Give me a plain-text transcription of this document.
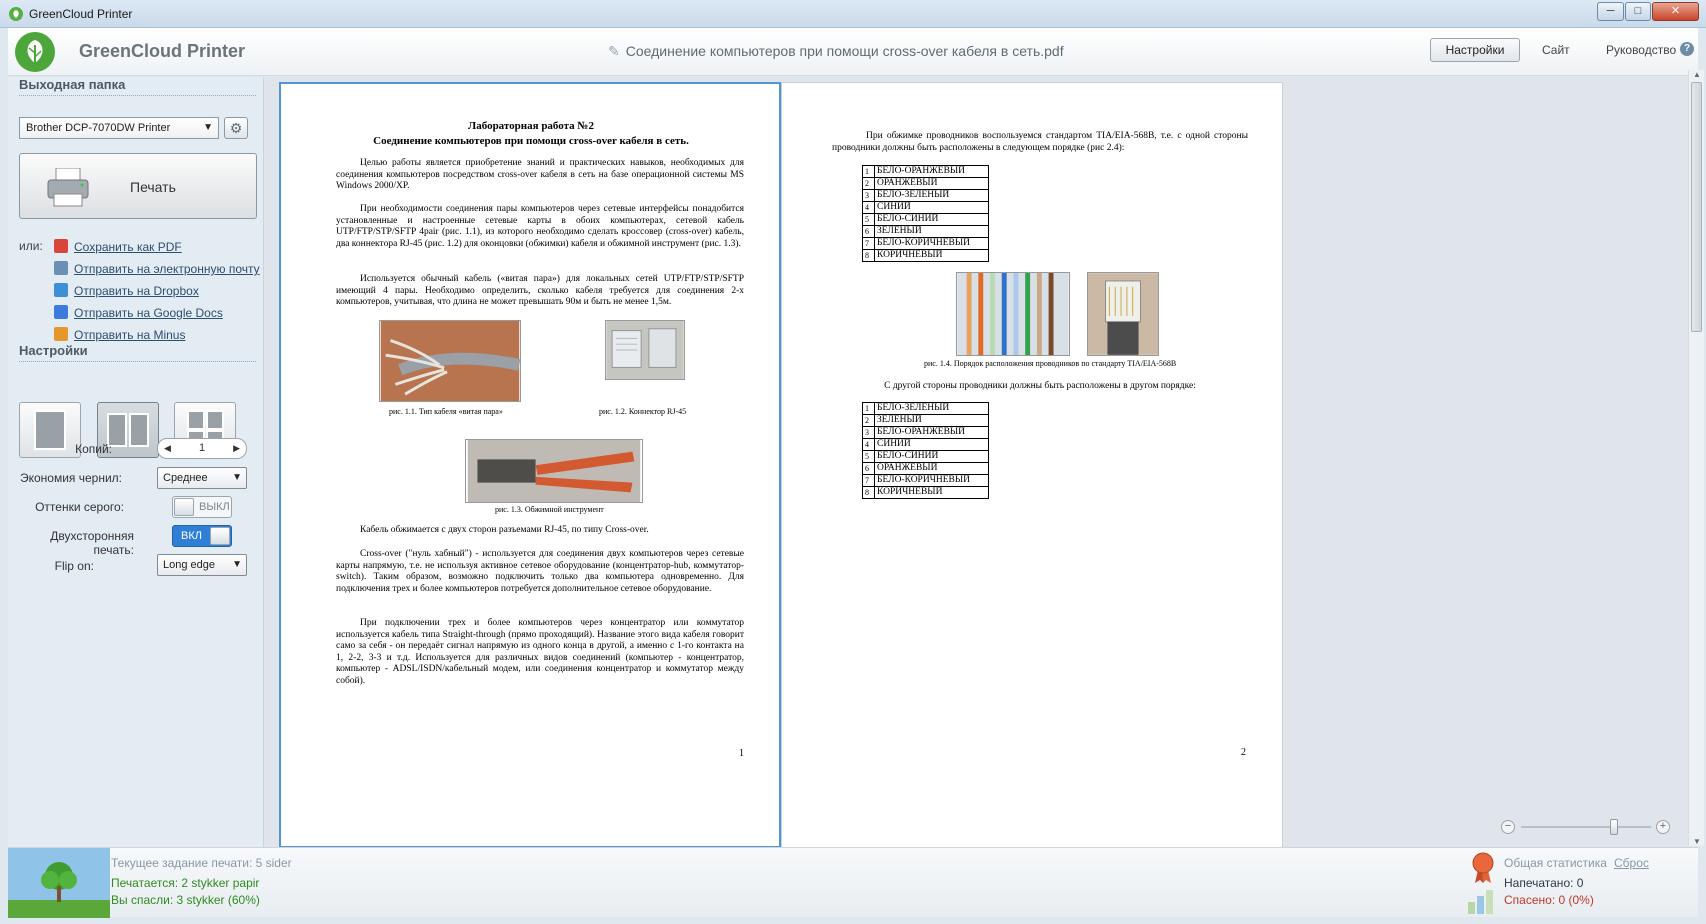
GreenCloud Printer	─	□	✕
GreenCloud Printer	✎ Соединение компьютеров при помощи cross-over кабеля в сеть.pdf	Настройки	Сайт	Руководство ?
Выходная папка
Brother DCP-7070DW Printer	▼	⚙
Печать
или:	Сохранить как PDF
Отправить на электронную почту
Отправить на Dropbox
Отправить на Google Docs
Отправить на Minus
Настройки
Копий:	◀	1	▶
Экономия чернил:	Среднее ▼
Оттенки серого:	ВЫКЛ
Двухсторонняя печать:
ВКЛ
Flip on:	Long edge ▼
Лабораторная работа №2
Соединение компьютеров при помощи cross-over кабеля в сеть.
Целью работы является приобретение знаний и практических навыков, необходимых для соединения компьютеров посредством cross-over кабеля в сеть на базе операционной системы MS Windows 2000/XP.
При необходимости соединения пары компьютеров через сетевые интерфейсы понадобится установленные и настроенные сетевые карты в обоих компьютерах, сетевой кабель UTP/FTP/STP/SFTP 4pair (рис. 1.1), из которого необходимо сделать кроссовер (cross-over) кабель, два коннектора RJ-45 (рис. 1.2) для оконцовки (обжимки) кабеля и обжимной инструмент (рис. 1.3).
Используется обычный кабель («витая пара») для локальных сетей UTP/FTP/STP/SFTP имеющий 4 пары. Необходимо определить, сколько кабеля требуется для соединения 2-х компьютеров, учитывая, что длина не может превышать 90м и быть не менее 1,5м.
рис. 1.1. Тип кабеля «витая пара»	рис. 1.2. Коннектор RJ-45
рис. 1.3. Обжимной инструмент
Кабель обжимается с двух сторон разъемами RJ-45, по типу Cross-over.
Cross-over ("нуль хабный") - используется для соединения двух компьютеров через сетевые карты напрямую, т.е. не используя активное сетевое оборудование (концентратор-hub, коммутатор-switch). Таким образом, возможно подключить только два компьютера одновременно. Для подключения трех и более компьютеров потребуется дополнительное сетевое оборудование.
При подключении трех и более компьютеров через концентратор или коммутатор используется кабель типа Straight-through (прямо проходящий). Название этого вида кабеля говорит само за себя - он передаёт сигнал напрямую из одного конца в другой, а именно с 1-го контакта на 1, 2-2, 3-3 и т.д. Используется для различных видов соединений (компьютер - концентратор, компьютер - ADSL/ISDN/кабельный модем, или соединения концентратор и коммутатор между собой).
1
При обжимке проводников воспользуемся стандартом TIA/EIA-568B, т.е. с одной стороны проводники должны быть расположены в следующем порядке (рис 2.4):
1	БЕЛО-ОРАНЖЕВЫЙ
2	ОРАНЖЕВЫЙ
3	БЕЛО-ЗЕЛЕНЫЙ
4	СИНИЙ
5	БЕЛО-СИНИЙ
6	ЗЕЛЕНЫЙ
7	БЕЛО-КОРИЧНЕВЫЙ
8	КОРИЧНЕВЫЙ
рис. 1.4. Порядок расположения проводников по стандарту TIA/EIA-568B
С другой стороны проводники должны быть расположены в другом порядке:
1	БЕЛО-ЗЕЛЕНЫЙ
2	ЗЕЛЕНЫЙ
3	БЕЛО-ОРАНЖЕВЫЙ
4	СИНИЙ
5	БЕЛО-СИНИЙ
6	ОРАНЖЕВЫЙ
7	БЕЛО-КОРИЧНЕВЫЙ
8	КОРИЧНЕВЫЙ
2
▲
▼
−	+
Текущее задание печати: 5 sider
Печатается: 2 stykker papir
Вы спасли: 3 stykker (60%)
Общая статистика Сброс
Напечатано: 0
Спасено: 0 (0%)
